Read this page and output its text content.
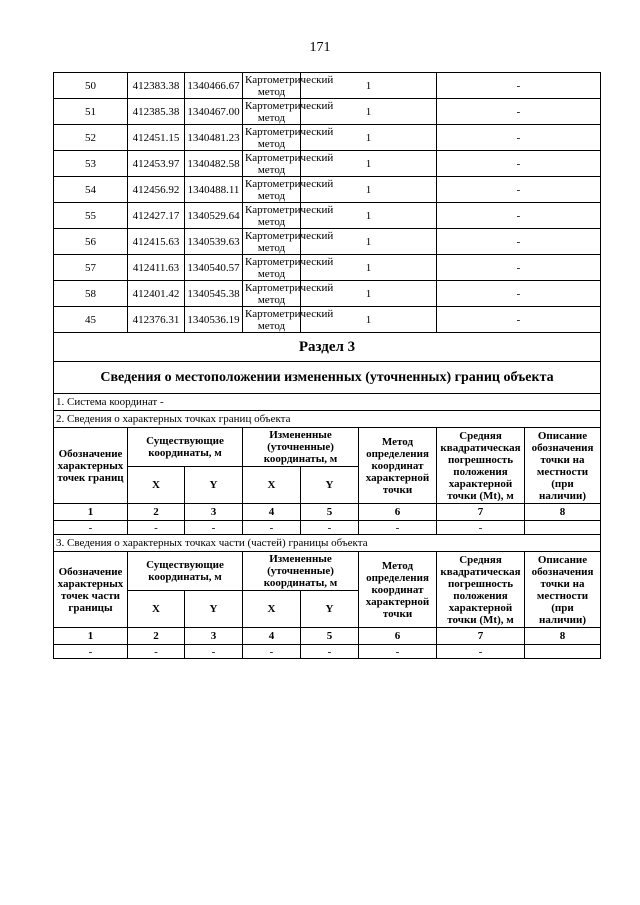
171
50	412383.38	1340466.67	Картометрический метод	1		-	
51	412385.38	1340467.00	Картометрический метод	1		-	
52	412451.15	1340481.23	Картометрический метод	1		-	
53	412453.97	1340482.58	Картометрический метод	1		-	
54	412456.92	1340488.11	Картометрический метод	1		-	
55	412427.17	1340529.64	Картометрический метод	1		-	
56	412415.63	1340539.63	Картометрический метод	1		-	
57	412411.63	1340540.57	Картометрический метод	1		-	
58	412401.42	1340545.38	Картометрический метод	1		-	
45	412376.31	1340536.19	Картометрический метод	1		-	
Раздел 3							
Сведения о местоположении измененных (уточненных) границ объекта							
1. Система координат -							
2. Сведения о характерных точках границ объекта							
Обозначение характерных точек границ	Существующие координаты, м		Измененные (уточненные) координаты, м		Метод определения координат характерной точки	Средняя квадратическая погрешность положения характерной точки (Mt), м	Описание обозначения точки на местности (при наличии)
	X	Y	X	Y			
1	2	3	4	5	6	7	8
-	-	-	-	-	-	-	
3. Сведения о характерных точках части (частей) границы объекта							
Обозначение характерных точек части границы	Существующие координаты, м		Измененные (уточненные) координаты, м		Метод определения координат характерной точки	Средняя квадратическая погрешность положения характерной точки (Mt), м	Описание обозначения точки на местности (при наличии)
	X	Y	X	Y			
1	2	3	4	5	6	7	8
-	-	-	-	-	-	-	
